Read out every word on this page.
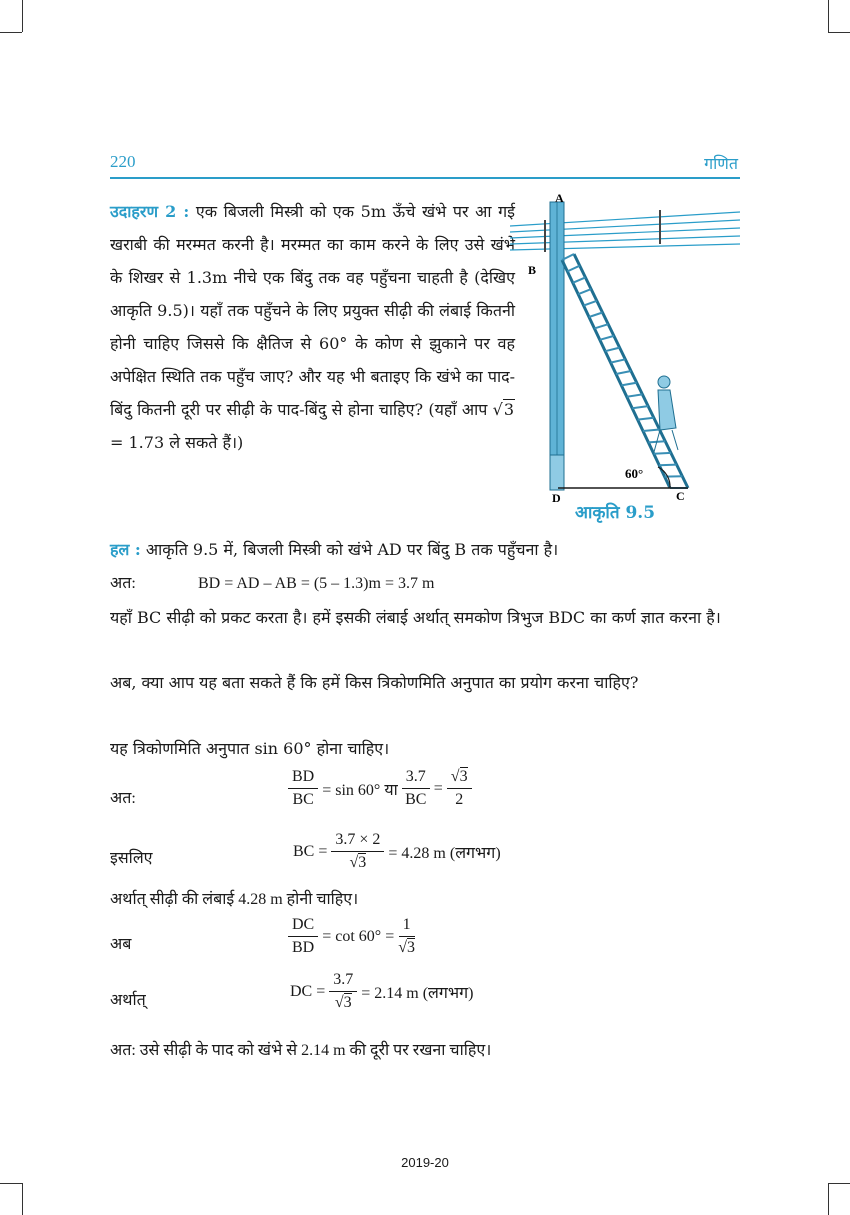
220	गणित
उदाहरण 2 : एक बिजली मिस्त्री को एक 5m ऊँचे खंभे पर आ गई खराबी की मरम्मत करनी है। मरम्मत का काम करने के लिए उसे खंभे के शिखर से 1.3m नीचे एक बिंदु तक वह पहुँचना चाहती है (देखिए आकृति 9.5)। यहाँ तक पहुँचने के लिए प्रयुक्त सीढ़ी की लंबाई कितनी होनी चाहिए जिससे कि क्षैतिज से 60° के कोण से झुकाने पर वह अपेक्षित स्थिति तक पहुँच जाए? और यह भी बताइए कि खंभे का पाद-बिंदु कितनी दूरी पर सीढ़ी के पाद-बिंदु से होना चाहिए? (यहाँ आप √3 = 1.73 ले सकते हैं।)
60°
A
B
D	C
आकृति 9.5
हल : आकृति 9.5 में, बिजली मिस्त्री को खंभे AD पर बिंदु B तक पहुँचना है।
अत:	BD = AD – AB = (5 – 1.3)m = 3.7 m
यहाँ BC सीढ़ी को प्रकट करता है। हमें इसकी लंबाई अर्थात् समकोण त्रिभुज BDC का कर्ण ज्ञात करना है।
अब, क्या आप यह बता सकते हैं कि हमें किस त्रिकोणमिति अनुपात का प्रयोग करना चाहिए?
यह त्रिकोणमिति अनुपात sin 60° होना चाहिए।
अत:	$\frac{BD}{BC} = \sin 60^\circ$ या $\frac{3.7}{BC} = \frac{√3}{2}$
इसलिए	BC = $\frac{3.7 \times 2}{√3} = 4.28$ m (लगभग)
अर्थात् सीढ़ी की लंबाई 4.28 m होनी चाहिए।
अब	$\frac{DC}{BD} = \cot 60^\circ = \frac{1}{√3}$
अर्थात्
DC = $\frac{3.7}{√3} = 2.14$ m (लगभग)
अत: उसे सीढ़ी के पाद को खंभे से 2.14 m की दूरी पर रखना चाहिए।
2019-20
